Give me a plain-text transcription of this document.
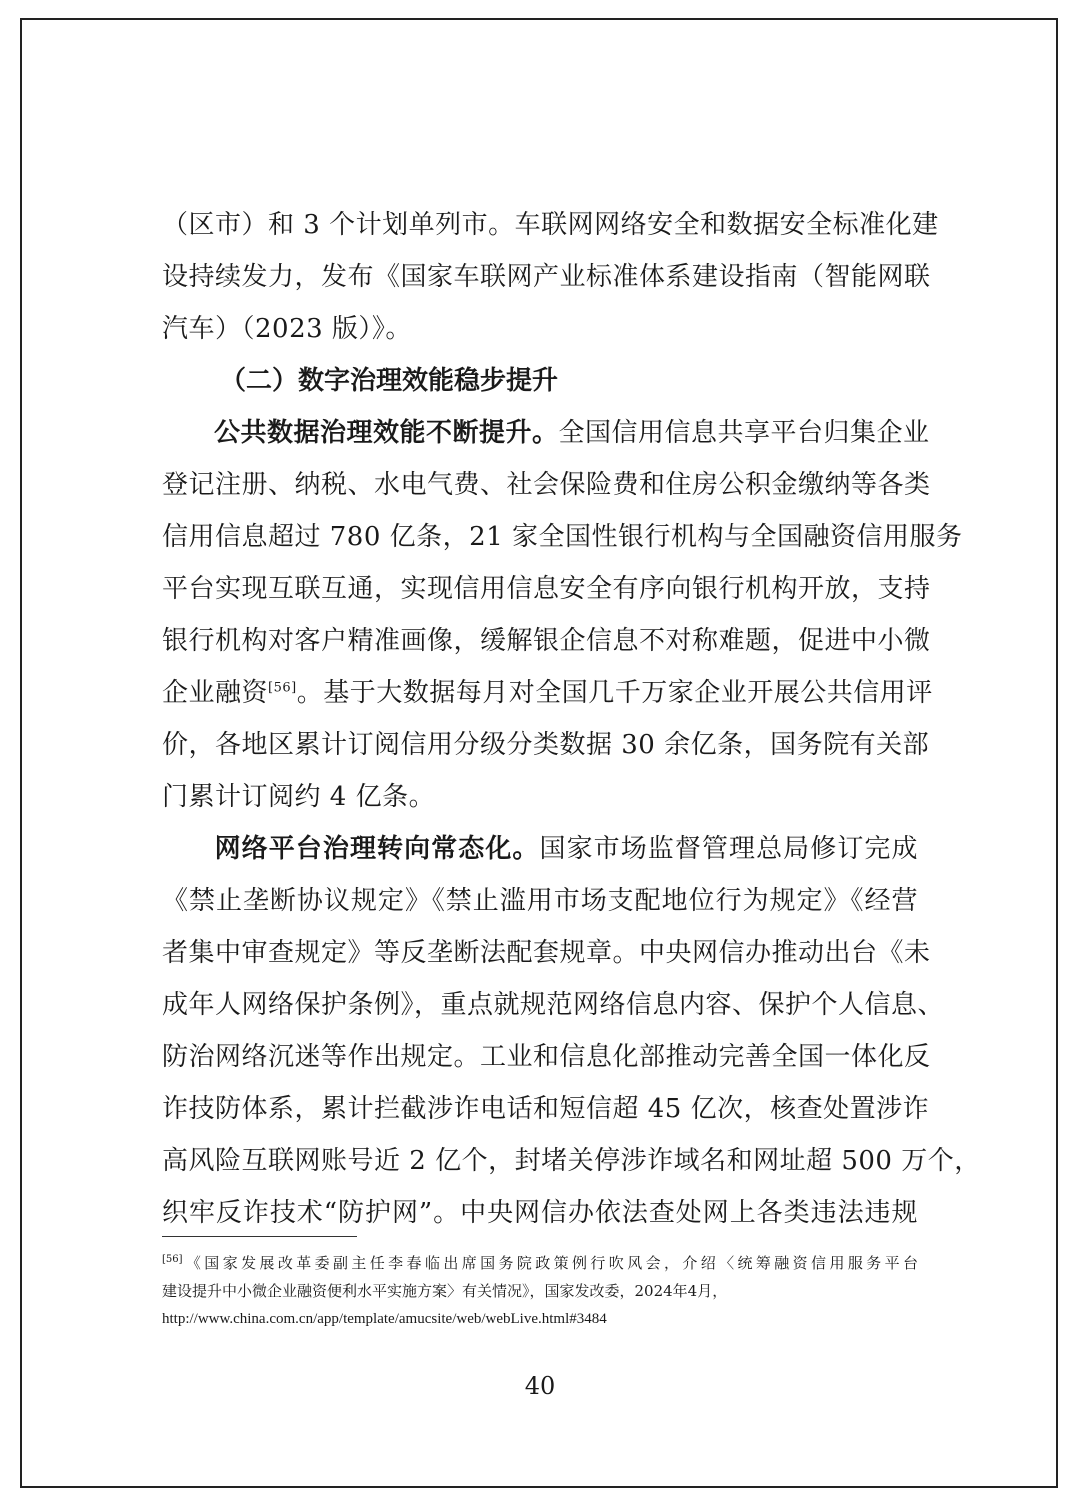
（区市）和 3 个计划单列市。车联网网络安全和数据安全标准化建
设持续发力，发布《国家车联网产业标准体系建设指南（智能网联
汽车）（2023 版）》。
（二）数字治理效能稳步提升
公共数据治理效能不断提升。全国信用信息共享平台归集企业
登记注册、纳税、水电气费、社会保险费和住房公积金缴纳等各类
信用信息超过 780 亿条，21 家全国性银行机构与全国融资信用服务
平台实现互联互通，实现信用信息安全有序向银行机构开放，支持
银行机构对客户精准画像，缓解银企信息不对称难题，促进中小微
企业融资[56]。基于大数据每月对全国几千万家企业开展公共信用评
价，各地区累计订阅信用分级分类数据 30 余亿条，国务院有关部
门累计订阅约 4 亿条。
网络平台治理转向常态化。国家市场监督管理总局修订完成
《禁止垄断协议规定》《禁止滥用市场支配地位行为规定》《经营
者集中审查规定》等反垄断法配套规章。中央网信办推动出台《未
成年人网络保护条例》，重点就规范网络信息内容、保护个人信息、
防治网络沉迷等作出规定。工业和信息化部推动完善全国一体化反
诈技防体系，累计拦截涉诈电话和短信超 45 亿次，核查处置涉诈
高风险互联网账号近 2 亿个，封堵关停涉诈域名和网址超 500 万个，
织牢反诈技术“防护网”。中央网信办依法查处网上各类违法违规
[56]《国家发展改革委副主任李春临出席国务院政策例行吹风会，介绍〈统筹融资信用服务平台
建设提升中小微企业融资便利水平实施方案〉有关情况》，国家发改委，2024年4月，
http://www.china.com.cn/app/template/amucsite/web/webLive.html#3484
40
